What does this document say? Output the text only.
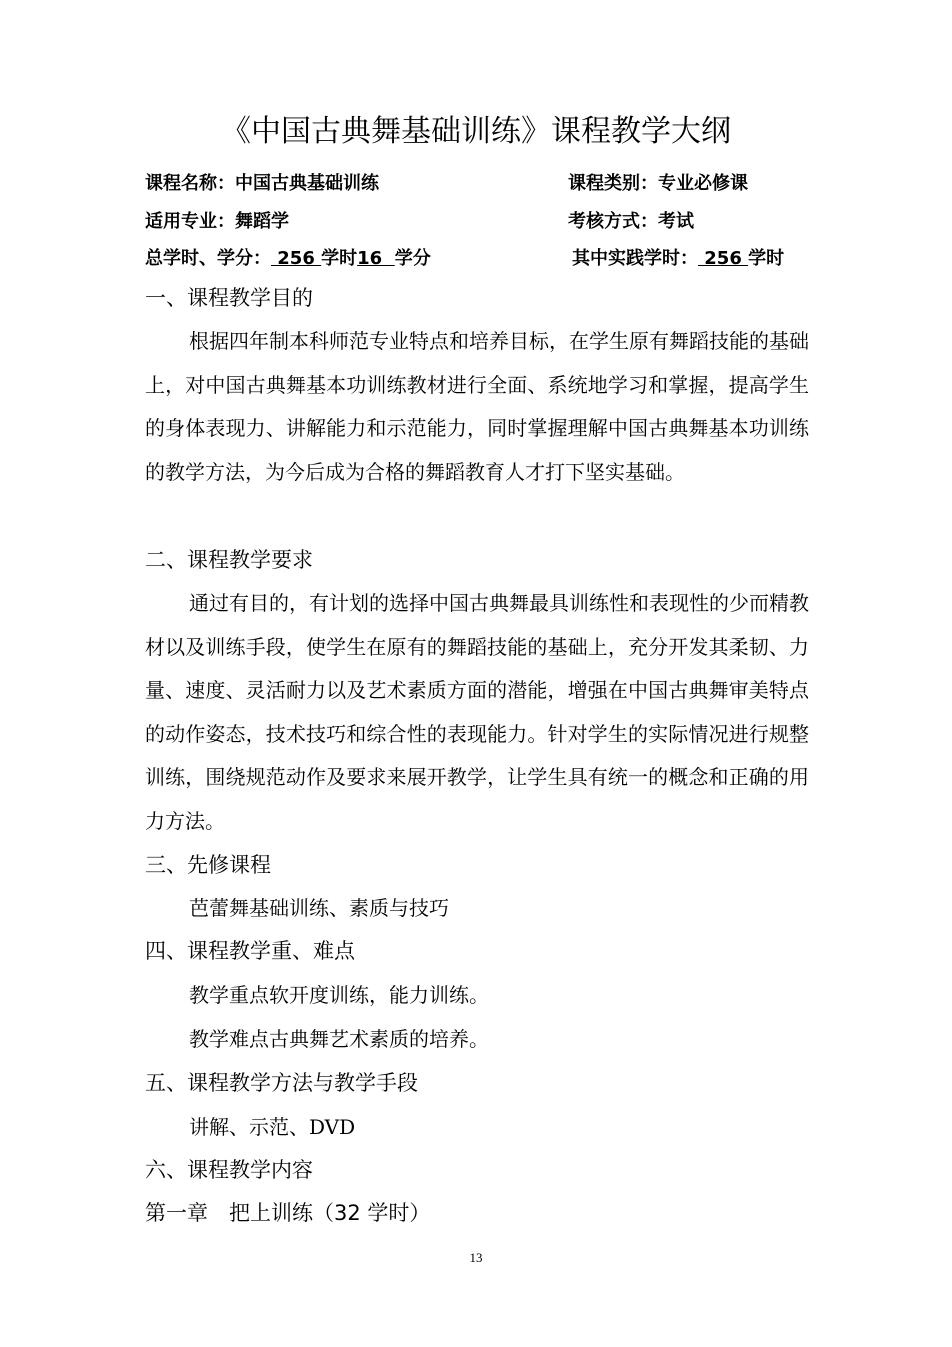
《中国古典舞基础训练》课程教学大纲
课程名称：中国古典基础训练	课程类别：专业必修课
适用专业：舞蹈学	考核方式：考试
总学时、学分： 256 学时16  学分	其中实践学时： 256 学时
一、课程教学目的

根据四年制本科师范专业特点和培养目标，在学生原有舞蹈技能的基础上，对中国古典舞基本功训练教材进行全面、系统地学习和掌握，提高学生的身体表现力、讲解能力和示范能力，同时掌握理解中国古典舞基本功训练的教学方法，为今后成为合格的舞蹈教育人才打下坚实基础。

二、课程教学要求

通过有目的，有计划的选择中国古典舞最具训练性和表现性的少而精教材以及训练手段，使学生在原有的舞蹈技能的基础上，充分开发其柔韧、力量、速度、灵活耐力以及艺术素质方面的潜能，增强在中国古典舞审美特点的动作姿态，技术技巧和综合性的表现能力。针对学生的实际情况进行规整训练，围绕规范动作及要求来展开教学，让学生具有统一的概念和正确的用力方法。

三、先修课程
芭蕾舞基础训练、素质与技巧
四、课程教学重、难点
教学重点软开度训练，能力训练。
教学难点古典舞艺术素质的培养。
五、课程教学方法与教学手段
讲解、示范、DVD
六、课程教学内容
第一章　把上训练（32 学时）
13
